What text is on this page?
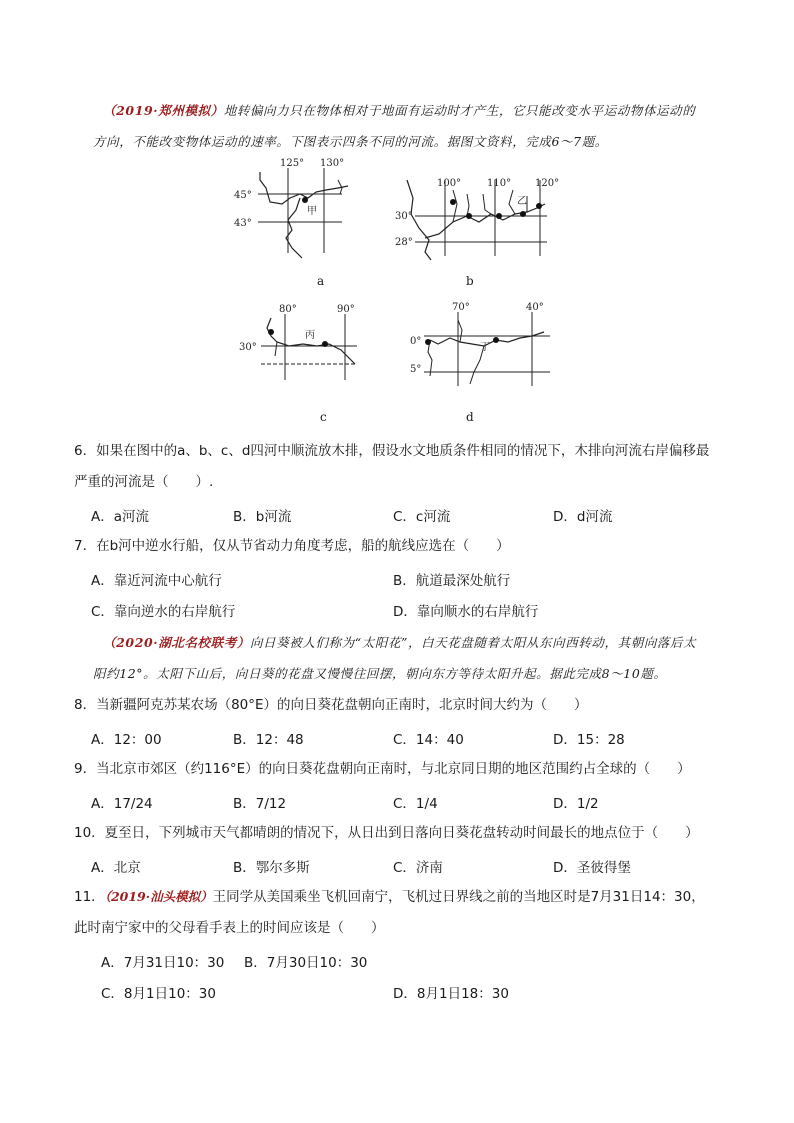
（2019·郑州模拟）地转偏向力只在物体相对于地面有运动时才产生，它只能改变水平运动物体运动的
方向，不能改变物体运动的速率。下图表示四条不同的河流。据图文资料，完成6～7题。
125° 130°
45°
43°
甲
a
100°	110° 120°
30°
28°
乙
b
80°	90°
30°
丙
c
70°	40°
0°
5°
丁
d
6．如果在图中的a、b、c、d四河中顺流放木排，假设水文地质条件相同的情况下，木排向河流右岸偏移最
严重的河流是（　　）.
A．a河流	B．b河流	C．c河流	D．d河流
7．在b河中逆水行船，仅从节省动力角度考虑，船的航线应选在（　　）
A．靠近河流中心航行	B．航道最深处航行
C．靠向逆水的右岸航行	D．靠向顺水的右岸航行
（2020·湖北名校联考）向日葵被人们称为“太阳花”，白天花盘随着太阳从东向西转动，其朝向落后太
阳约12°。太阳下山后，向日葵的花盘又慢慢往回摆，朝向东方等待太阳升起。据此完成8～10题。
8．当新疆阿克苏某农场（80°E）的向日葵花盘朝向正南时，北京时间大约为（　　）
A．12：00	B．12：48	C．14：40	D．15：28
9．当北京市郊区（约116°E）的向日葵花盘朝向正南时，与北京同日期的地区范围约占全球的（　　）
A．17/24	B．7/12	C．1/4	D．1/2
10．夏至日，下列城市天气都晴朗的情况下，从日出到日落向日葵花盘转动时间最长的地点位于（　　）
A．北京	B．鄂尔多斯	C．济南	D．圣彼得堡
11．（2019·汕头模拟）王同学从美国乘坐飞机回南宁，飞机过日界线之前的当地区时是7月31日14：30，
此时南宁家中的父母看手表上的时间应该是（　　）
A．7月31日10：30 B．7月30日10：30
C．8月1日10：30	D．8月1日18：30
